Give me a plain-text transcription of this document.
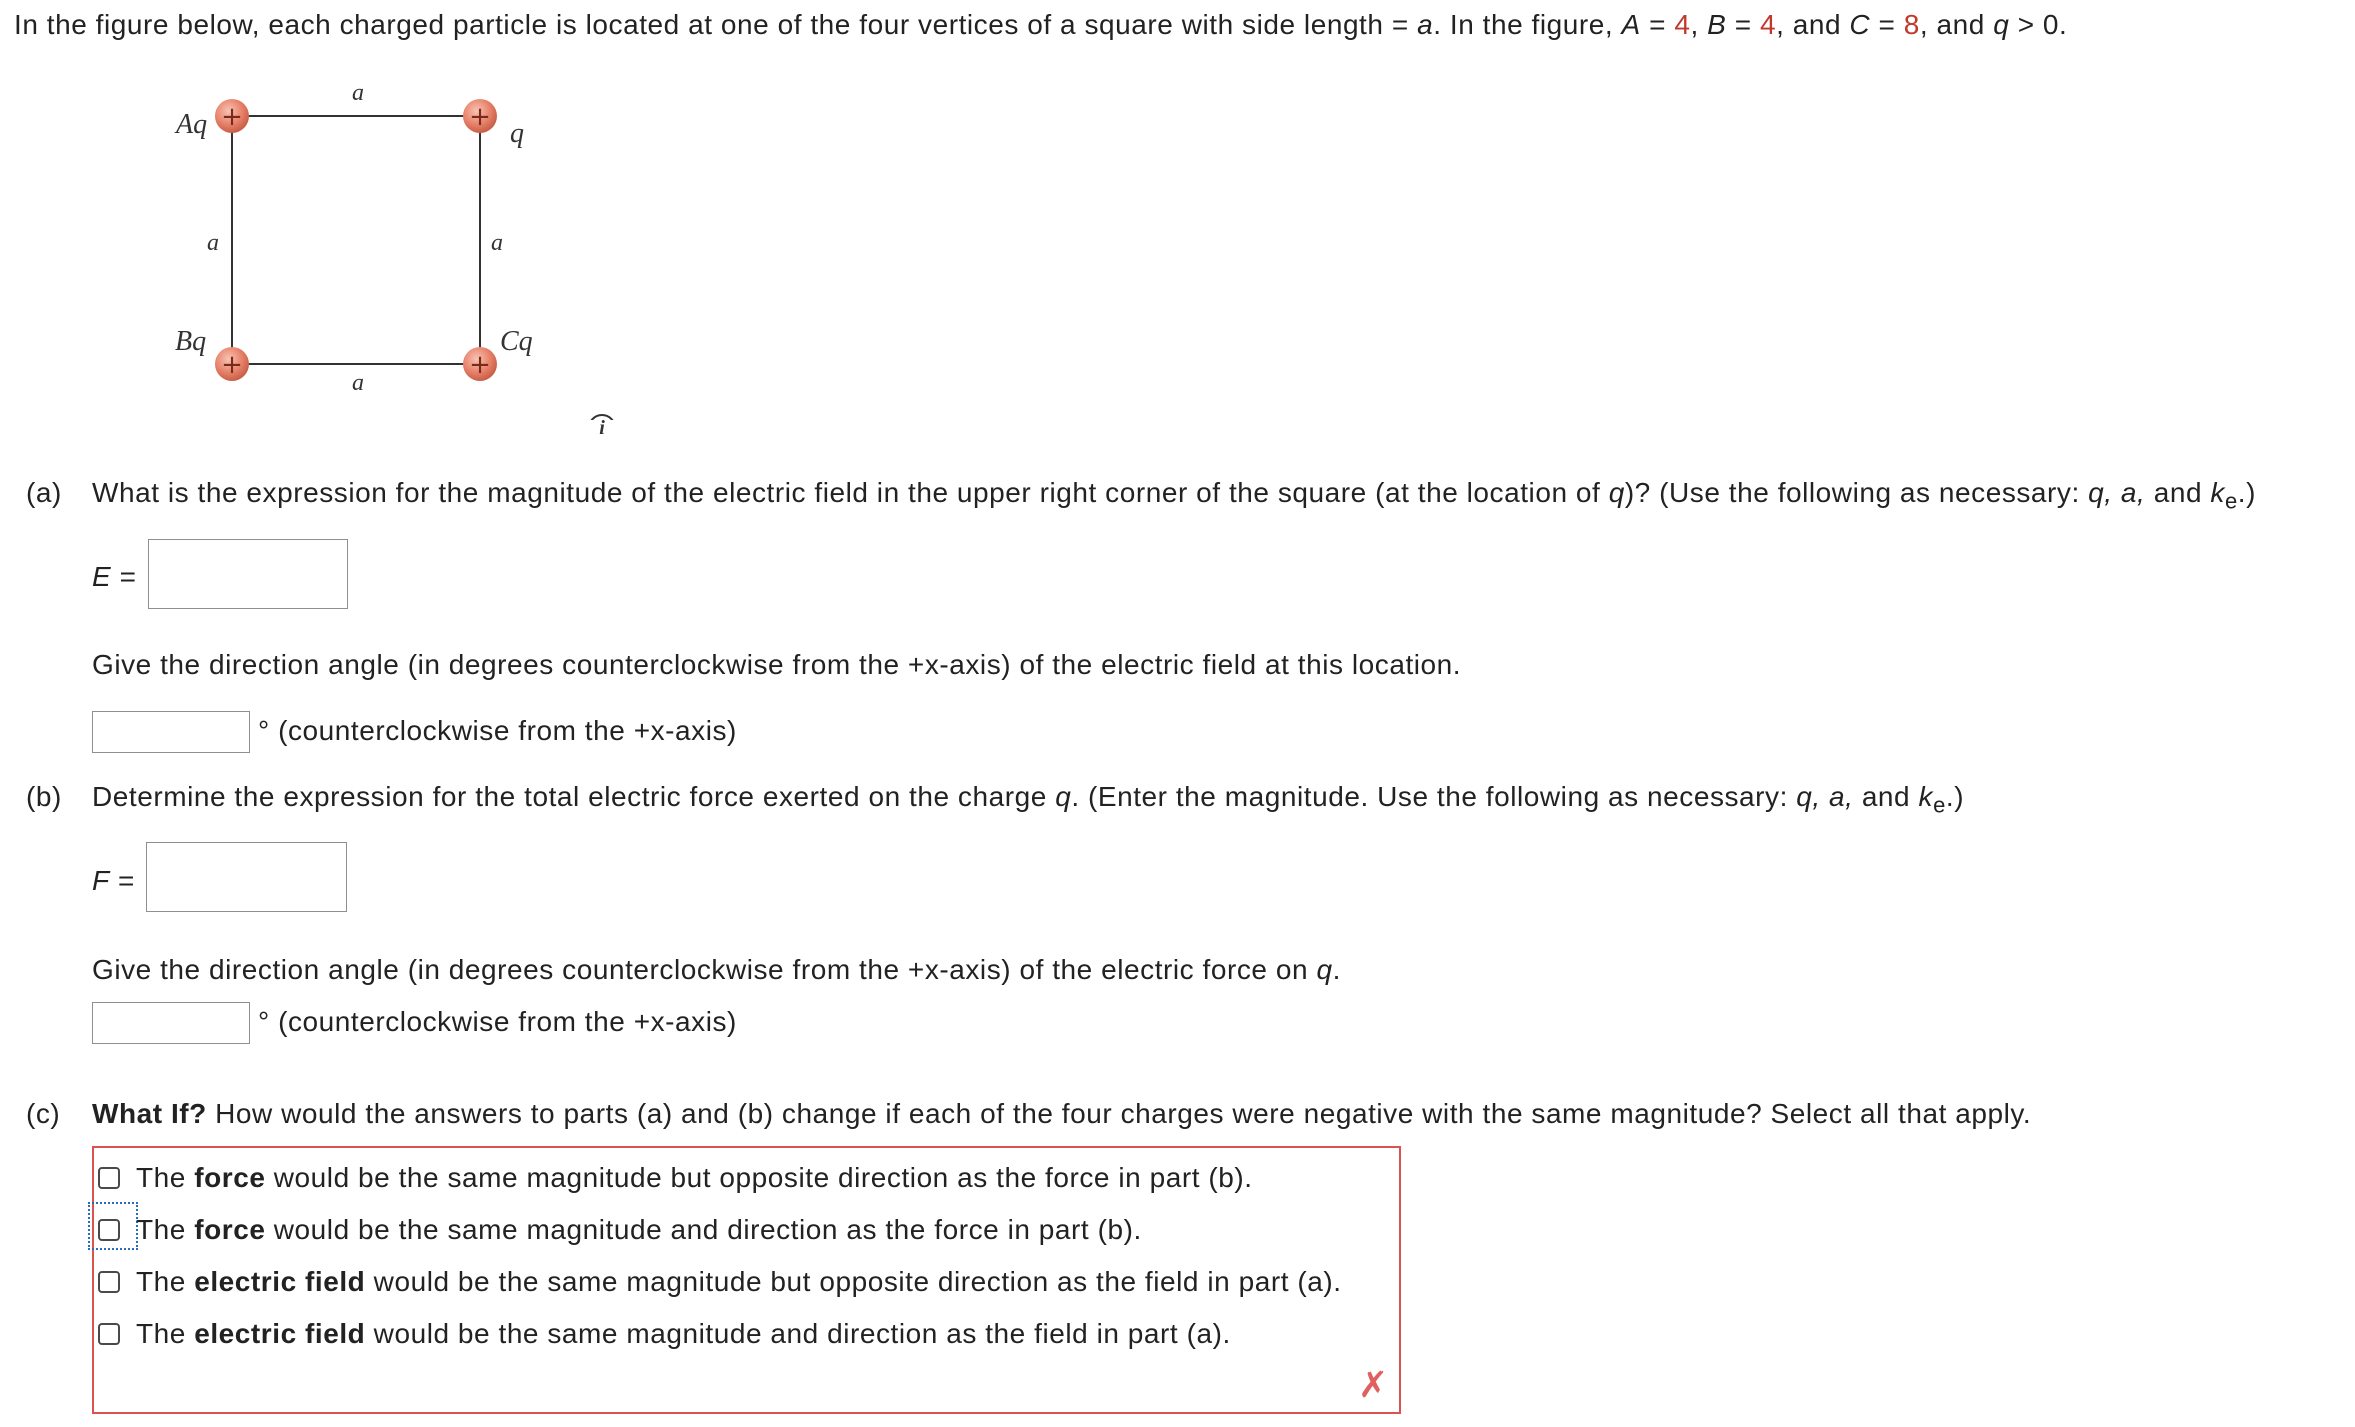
In the figure below, each charged particle is located at one of the four vertices of a square with side length = a. In the figure, A = 4, B = 4, and C = 8, and q > 0.
+	+
+	+
Aq	q
Bq	Cq
a
a	a
a
i
(a) What is the expression for the magnitude of the electric field in the upper right corner of the square (at the location of q)? (Use the following as necessary: q, a, and $k_e$.)
E =
Give the direction angle (in degrees counterclockwise from the +x-axis) of the electric field at this location.
° (counterclockwise from the +x-axis)
(b) Determine the expression for the total electric force exerted on the charge q. (Enter the magnitude. Use the following as necessary: q, a, and $k_e$.)
F =
Give the direction angle (in degrees counterclockwise from the +x-axis) of the electric force on q.
° (counterclockwise from the +x-axis)
(c) What If? How would the answers to parts (a) and (b) change if each of the four charges were negative with the same magnitude? Select all that apply.
The force would be the same magnitude but opposite direction as the force in part (b).
The force would be the same magnitude and direction as the force in part (b).
The electric field would be the same magnitude but opposite direction as the field in part (a).
The electric field would be the same magnitude and direction as the field in part (a).
✗
